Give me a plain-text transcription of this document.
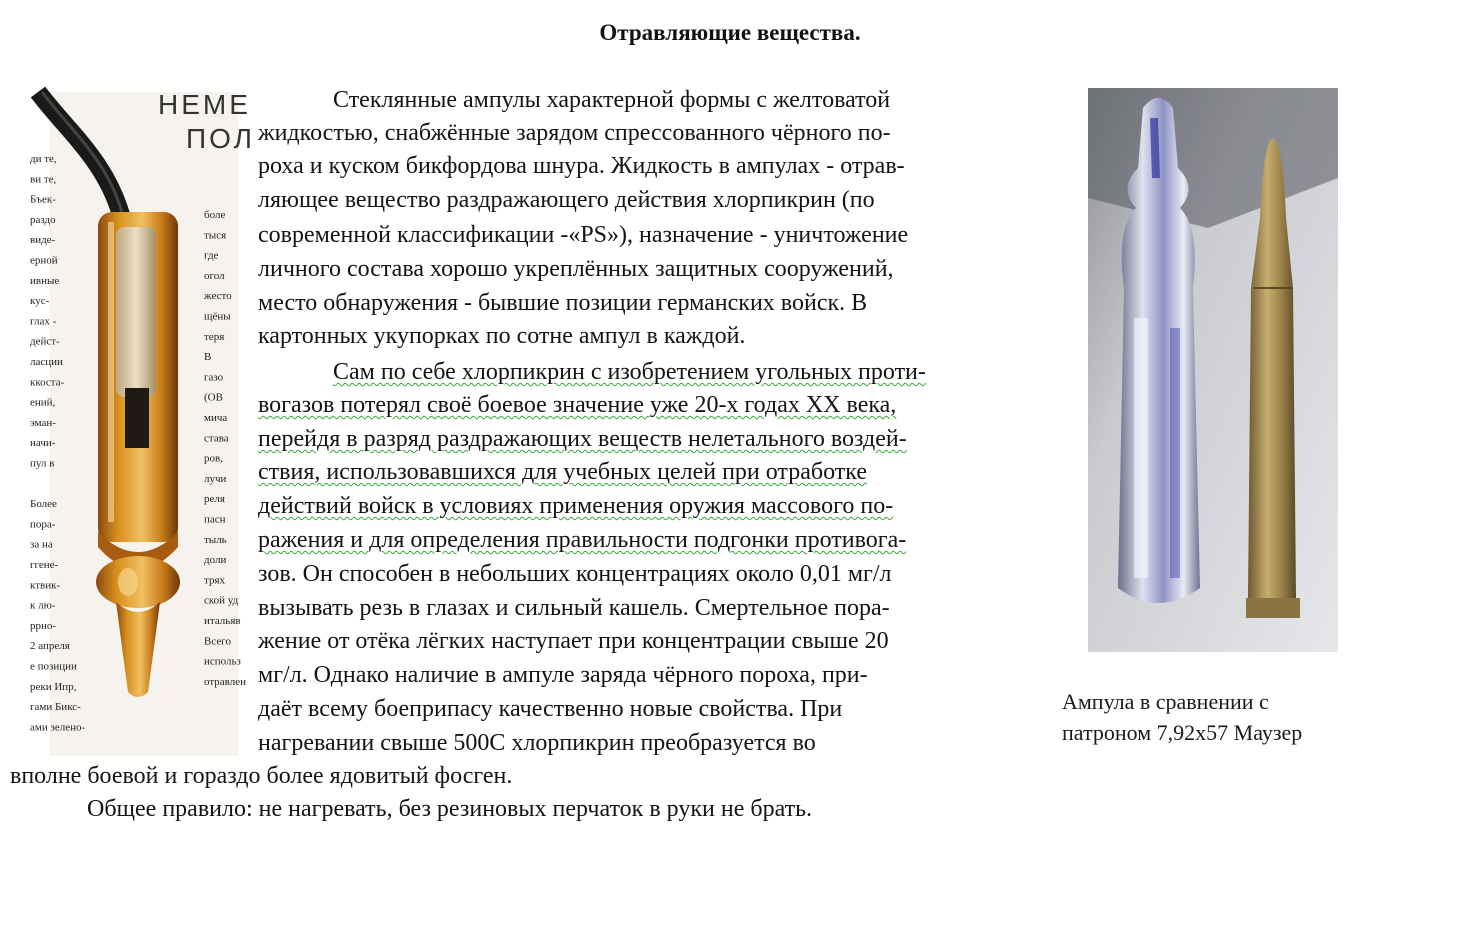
Отравляющие вещества.
НЕМЕ
ПОЛ
ди те,
ви те,
Бъек-
раздо
виде-
ерной
ивные
кус-
глах -
дейст-
ласции
ккоста-
ений,
эман-
начи-
пул в
Более
пора-
за на
ггене-
ктвик-
к лю-
ррно-
2 апреля
е позиции
реки Ипр,
гами Бикс-
ами зелено-
боле
тыся
где
огол
жесто
щёны
теря
В
газо
(ОВ
мича
става
ров,
лучи
реля
пасн
тыль
доли
трях
ской уд
итальяв
Всего
использ
отравлен
Стеклянные ампулы характерной формы с желтоватой
жидкостью, снабжённые зарядом спрессованного чёрного по-
роха и куском бикфордова шнура. Жидкость в ампулах - отрав-
ляющее вещество раздражающего действия хлорпикрин (по
современной классификации -«PS»), назначение - уничтожение
личного состава хорошо укреплённых защитных сооружений,
место обнаружения - бывшие позиции германских войск. В
картонных укупорках по сотне ампул в каждой.
Сам по себе хлорпикрин с изобретением угольных проти-
вогазов потерял своё боевое значение уже 20-х годах XX века,
перейдя в разряд раздражающих веществ нелетального воздей-
ствия, использовавшихся для учебных целей при отработке
действий войск в условиях применения оружия массового по-
ражения и для определения правильности подгонки противога-
зов. Он способен в небольших концентрациях около 0,01 мг/л
вызывать резь в глазах и сильный кашель. Смертельное пора-
жение от отёка лёгких наступает при концентрации свыше 20
мг/л. Однако наличие в ампуле заряда чёрного пороха, при-
даёт всему боеприпасу качественно новые свойства. При
нагревании свыше 500С хлорпикрин преобразуется во
вполне боевой и гораздо более ядовитый фосген.
Общее правило: не нагревать, без резиновых перчаток в руки не брать.
Ампула в сравнении с
патроном 7,92x57 Маузер
